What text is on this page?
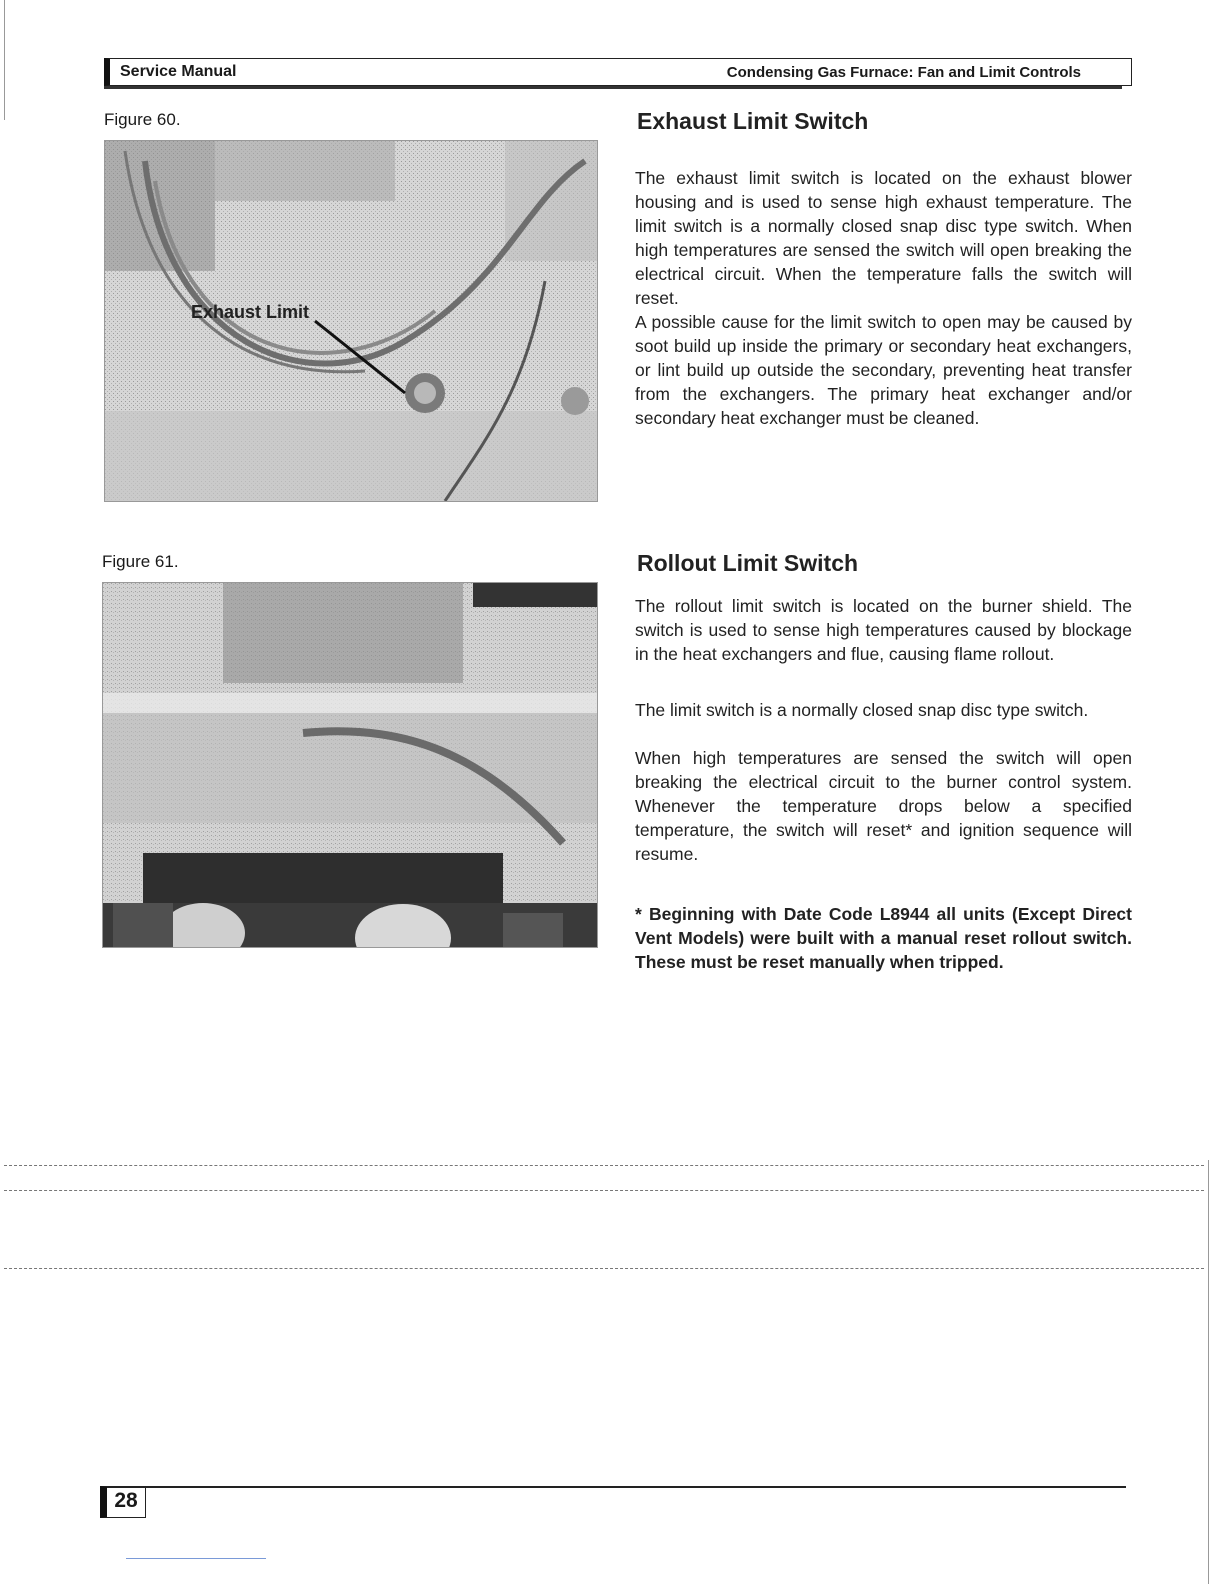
Service Manual	Condensing Gas Furnace: Fan and Limit Controls
Figure 60.
Exhaust Limit
Exhaust Limit Switch

The exhaust limit switch is located on the exhaust blower housing and is used to sense high exhaust temperature. The limit switch is a normally closed snap disc type switch. When high temperatures are sensed the switch will open breaking the electrical circuit. When the temperature falls the switch will reset.

A possible cause for the limit switch to open may be caused by soot build up inside the primary or secondary heat exchangers, or lint build up outside the secondary, preventing heat transfer from the exchangers. The primary heat exchanger and/or secondary heat exchanger must be cleaned.

Figure 61.	Rollout Limit Switch

The rollout limit switch is located on the burner shield. The switch is used to sense high temperatures caused by blockage in the heat exchangers and flue, causing flame rollout.

The limit switch is a normally closed snap disc type switch.

When high temperatures are sensed the switch will open breaking the electrical circuit to the burner control system. Whenever the temperature drops below a specified temperature, the switch will reset* and ignition sequence will resume.

* Beginning with Date Code L8944 all units (Except Direct Vent Models) were built with a manual reset rollout switch. These must be reset manually when tripped.

28
